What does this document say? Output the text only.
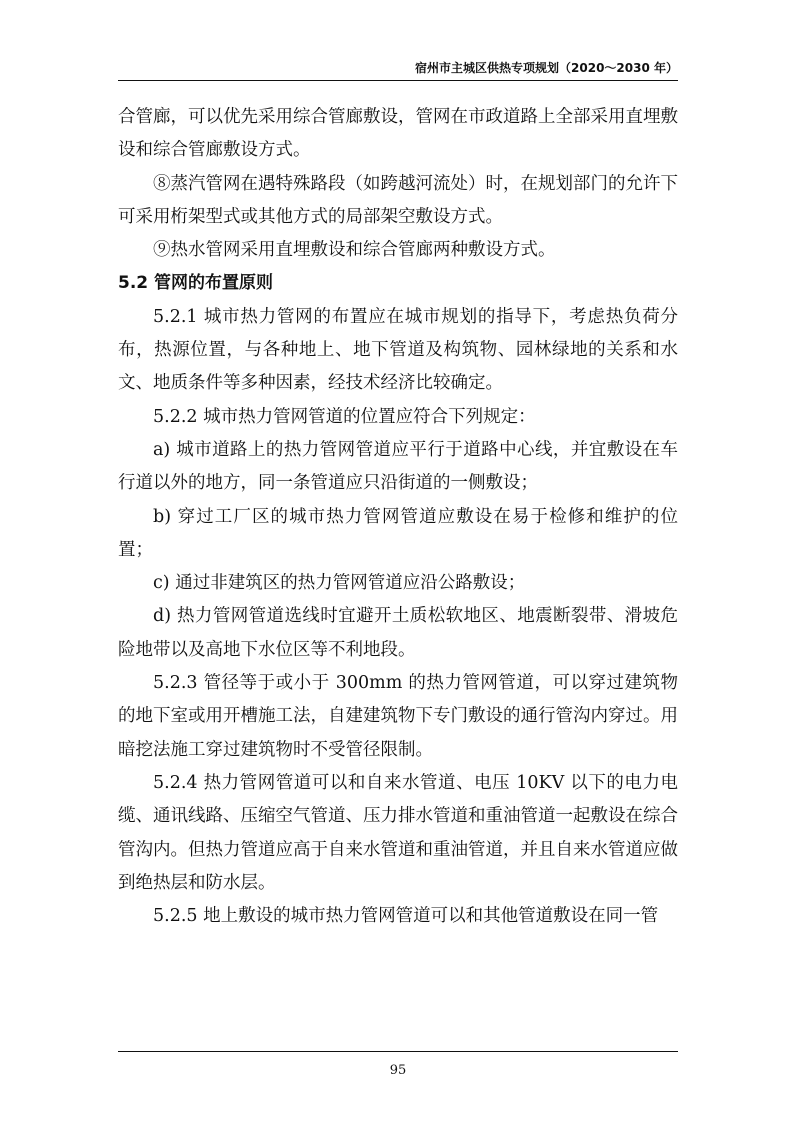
宿州市主城区供热专项规划（2020～2030 年）

合管廊，可以优先采用综合管廊敷设，管网在市政道路上全部采用直埋敷设和综合管廊敷设方式。

⑧蒸汽管网在遇特殊路段（如跨越河流处）时，在规划部门的允许下可采用桁架型式或其他方式的局部架空敷设方式。

⑨热水管网采用直埋敷设和综合管廊两种敷设方式。

5.2 管网的布置原则

5.2.1 城市热力管网的布置应在城市规划的指导下，考虑热负荷分布，热源位置，与各种地上、地下管道及构筑物、园林绿地的关系和水文、地质条件等多种因素，经技术经济比较确定。

5.2.2 城市热力管网管道的位置应符合下列规定：

a) 城市道路上的热力管网管道应平行于道路中心线，并宜敷设在车行道以外的地方，同一条管道应只沿街道的一侧敷设；

b) 穿过工厂区的城市热力管网管道应敷设在易于检修和维护的位置；

c) 通过非建筑区的热力管网管道应沿公路敷设；

d) 热力管网管道选线时宜避开土质松软地区、地震断裂带、滑坡危险地带以及高地下水位区等不利地段。

5.2.3 管径等于或小于 300mm 的热力管网管道，可以穿过建筑物的地下室或用开槽施工法，自建建筑物下专门敷设的通行管沟内穿过。用暗挖法施工穿过建筑物时不受管径限制。

5.2.4 热力管网管道可以和自来水管道、电压 10KV 以下的电力电缆、通讯线路、压缩空气管道、压力排水管道和重油管道一起敷设在综合管沟内。但热力管道应高于自来水管道和重油管道，并且自来水管道应做到绝热层和防水层。

5.2.5 地上敷设的城市热力管网管道可以和其他管道敷设在同一管

95
